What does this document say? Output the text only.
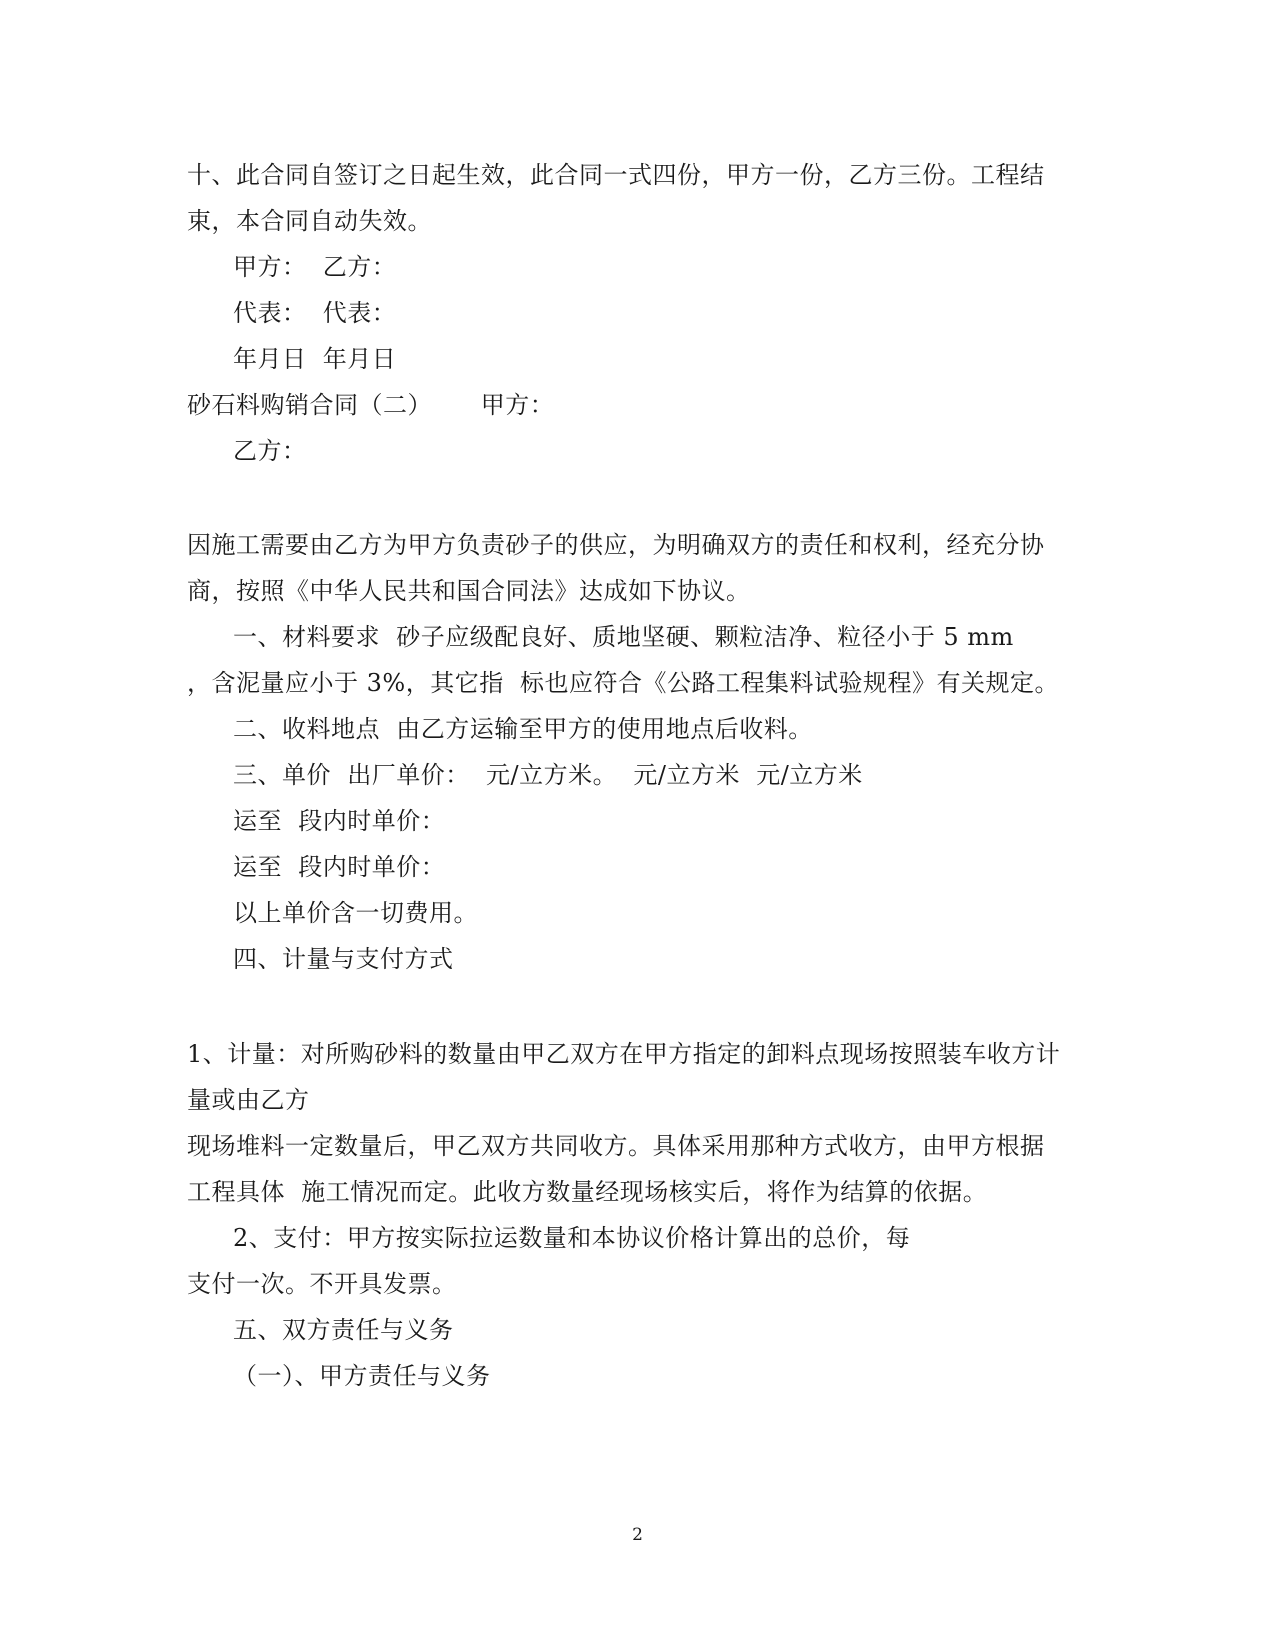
十、此合同自签订之日起生效，此合同一式四份，甲方一份，乙方三份。工程结
束，本合同自动失效。
甲方：  乙方：
代表：  代表：
年月日  年月日
砂石料购销合同（二）      甲方：
乙方：
因施工需要由乙方为甲方负责砂子的供应，为明确双方的责任和权利，经充分协
商，按照《中华人民共和国合同法》达成如下协议。
一、材料要求  砂子应级配良好、质地坚硬、颗粒洁净、粒径小于 5 mm
，含泥量应小于 3%，其它指  标也应符合《公路工程集料试验规程》有关规定。
二、收料地点  由乙方运输至甲方的使用地点后收料。
三、单价  出厂单价：  元/立方米。  元/立方米  元/立方米
运至  段内时单价：
运至  段内时单价：
以上单价含一切费用。
四、计量与支付方式
1、计量：对所购砂料的数量由甲乙双方在甲方指定的卸料点现场按照装车收方计
量或由乙方
现场堆料一定数量后，甲乙双方共同收方。具体采用那种方式收方，由甲方根据
工程具体  施工情况而定。此收方数量经现场核实后，将作为结算的依据。
2、支付：甲方按实际拉运数量和本协议价格计算出的总价，每
支付一次。不开具发票。
五、双方责任与义务
（一）、甲方责任与义务
2
